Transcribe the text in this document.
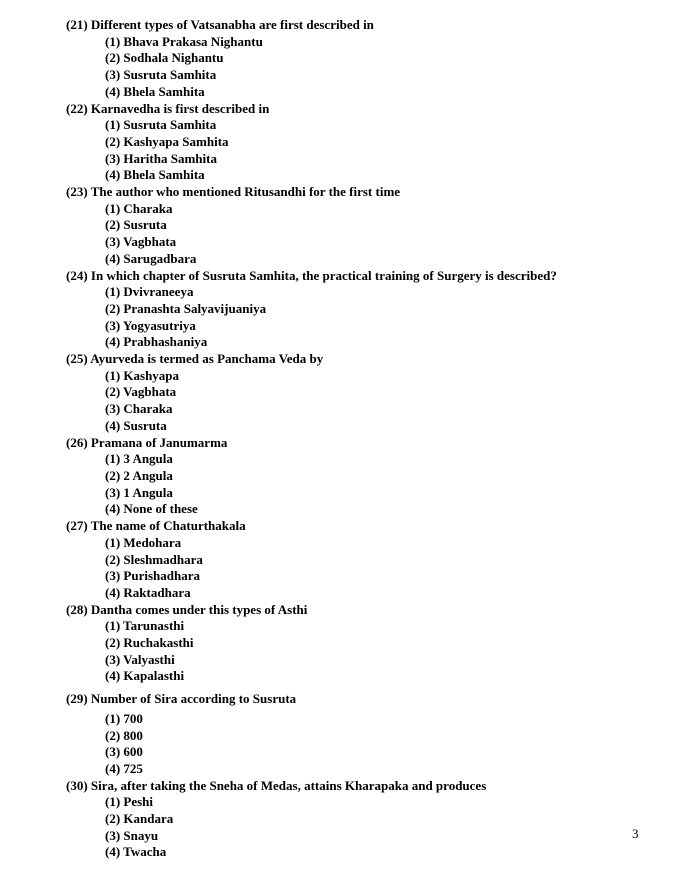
(21) Different types of Vatsanabha are first described in
(1) Bhava Prakasa Nighantu
(2) Sodhala Nighantu
(3) Susruta Samhita
(4) Bhela Samhita
(22) Karnavedha is first described in
(1) Susruta Samhita
(2) Kashyapa Samhita
(3) Haritha Samhita
(4) Bhela Samhita
(23) The author who mentioned Ritusandhi for the first time
(1) Charaka
(2) Susruta
(3) Vagbhata
(4) Sarugadbara
(24) In which chapter of Susruta Samhita, the practical training of Surgery is described?
(1) Dvivraneeya
(2) Pranashta Salyavijuaniya
(3) Yogyasutriya
(4) Prabhashaniya
(25) Ayurveda is termed as Panchama Veda by
(1) Kashyapa
(2) Vagbhata
(3) Charaka
(4) Susruta
(26) Pramana of Janumarma
(1) 3 Angula
(2) 2 Angula
(3) 1 Angula
(4) None of these
(27) The name of Chaturthakala
(1) Medohara
(2) Sleshmadhara
(3) Purishadhara
(4) Raktadhara
(28) Dantha comes under this types of Asthi
(1) Tarunasthi
(2) Ruchakasthi
(3) Valyasthi
(4) Kapalasthi
(29) Number of Sira according to Susruta
(1) 700
(2) 800
(3) 600
(4) 725
(30) Sira, after taking the Sneha of Medas, attains Kharapaka and produces
(1) Peshi
(2) Kandara
(3) Snayu
(4) Twacha
3
